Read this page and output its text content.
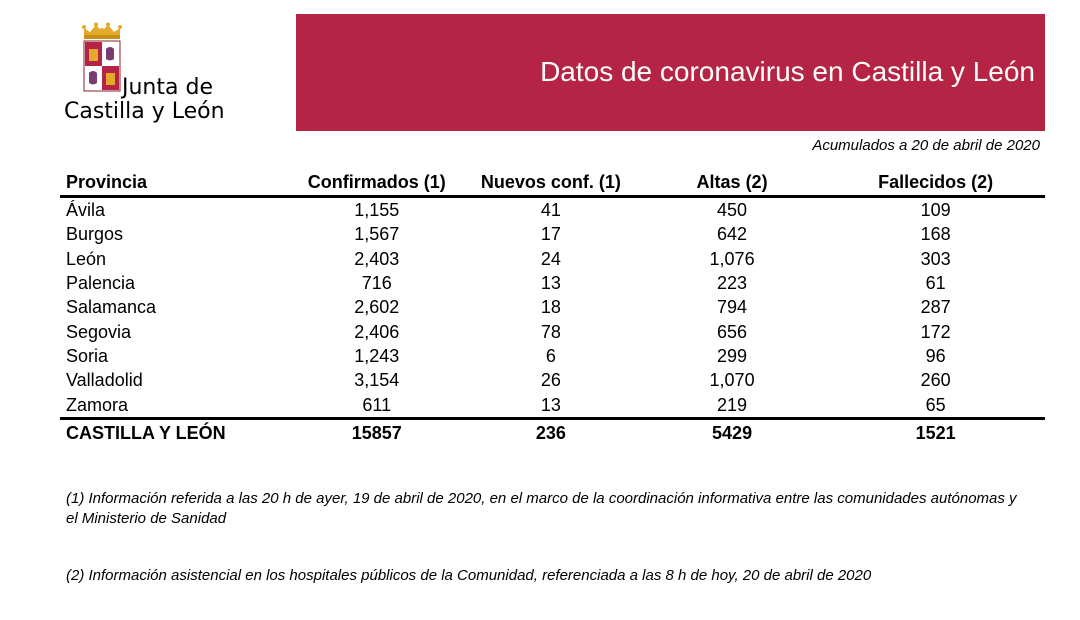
Junta de
Castilla y León
Datos de coronavirus en Castilla y León
Acumulados a 20 de abril de 2020
Provincia	Confirmados (1)	Nuevos conf. (1)	Altas (2)	Fallecidos (2)
Ávila	1,155	41	450	109
Burgos	1,567	17	642	168
León	2,403	24	1,076	303
Palencia	716	13	223	61
Salamanca	2,602	18	794	287
Segovia	2,406	78	656	172
Soria	1,243	6	299	96
Valladolid	3,154	26	1,070	260
Zamora	611	13	219	65
CASTILLA Y LEÓN	15857	236	5429	1521
(1) Información referida a las 20 h de ayer, 19 de abril de 2020, en el marco de la coordinación informativa entre las comunidades autónomas y el Ministerio de Sanidad
(2) Información asistencial en los hospitales públicos de la Comunidad, referenciada a las 8 h de hoy, 20 de abril de 2020
